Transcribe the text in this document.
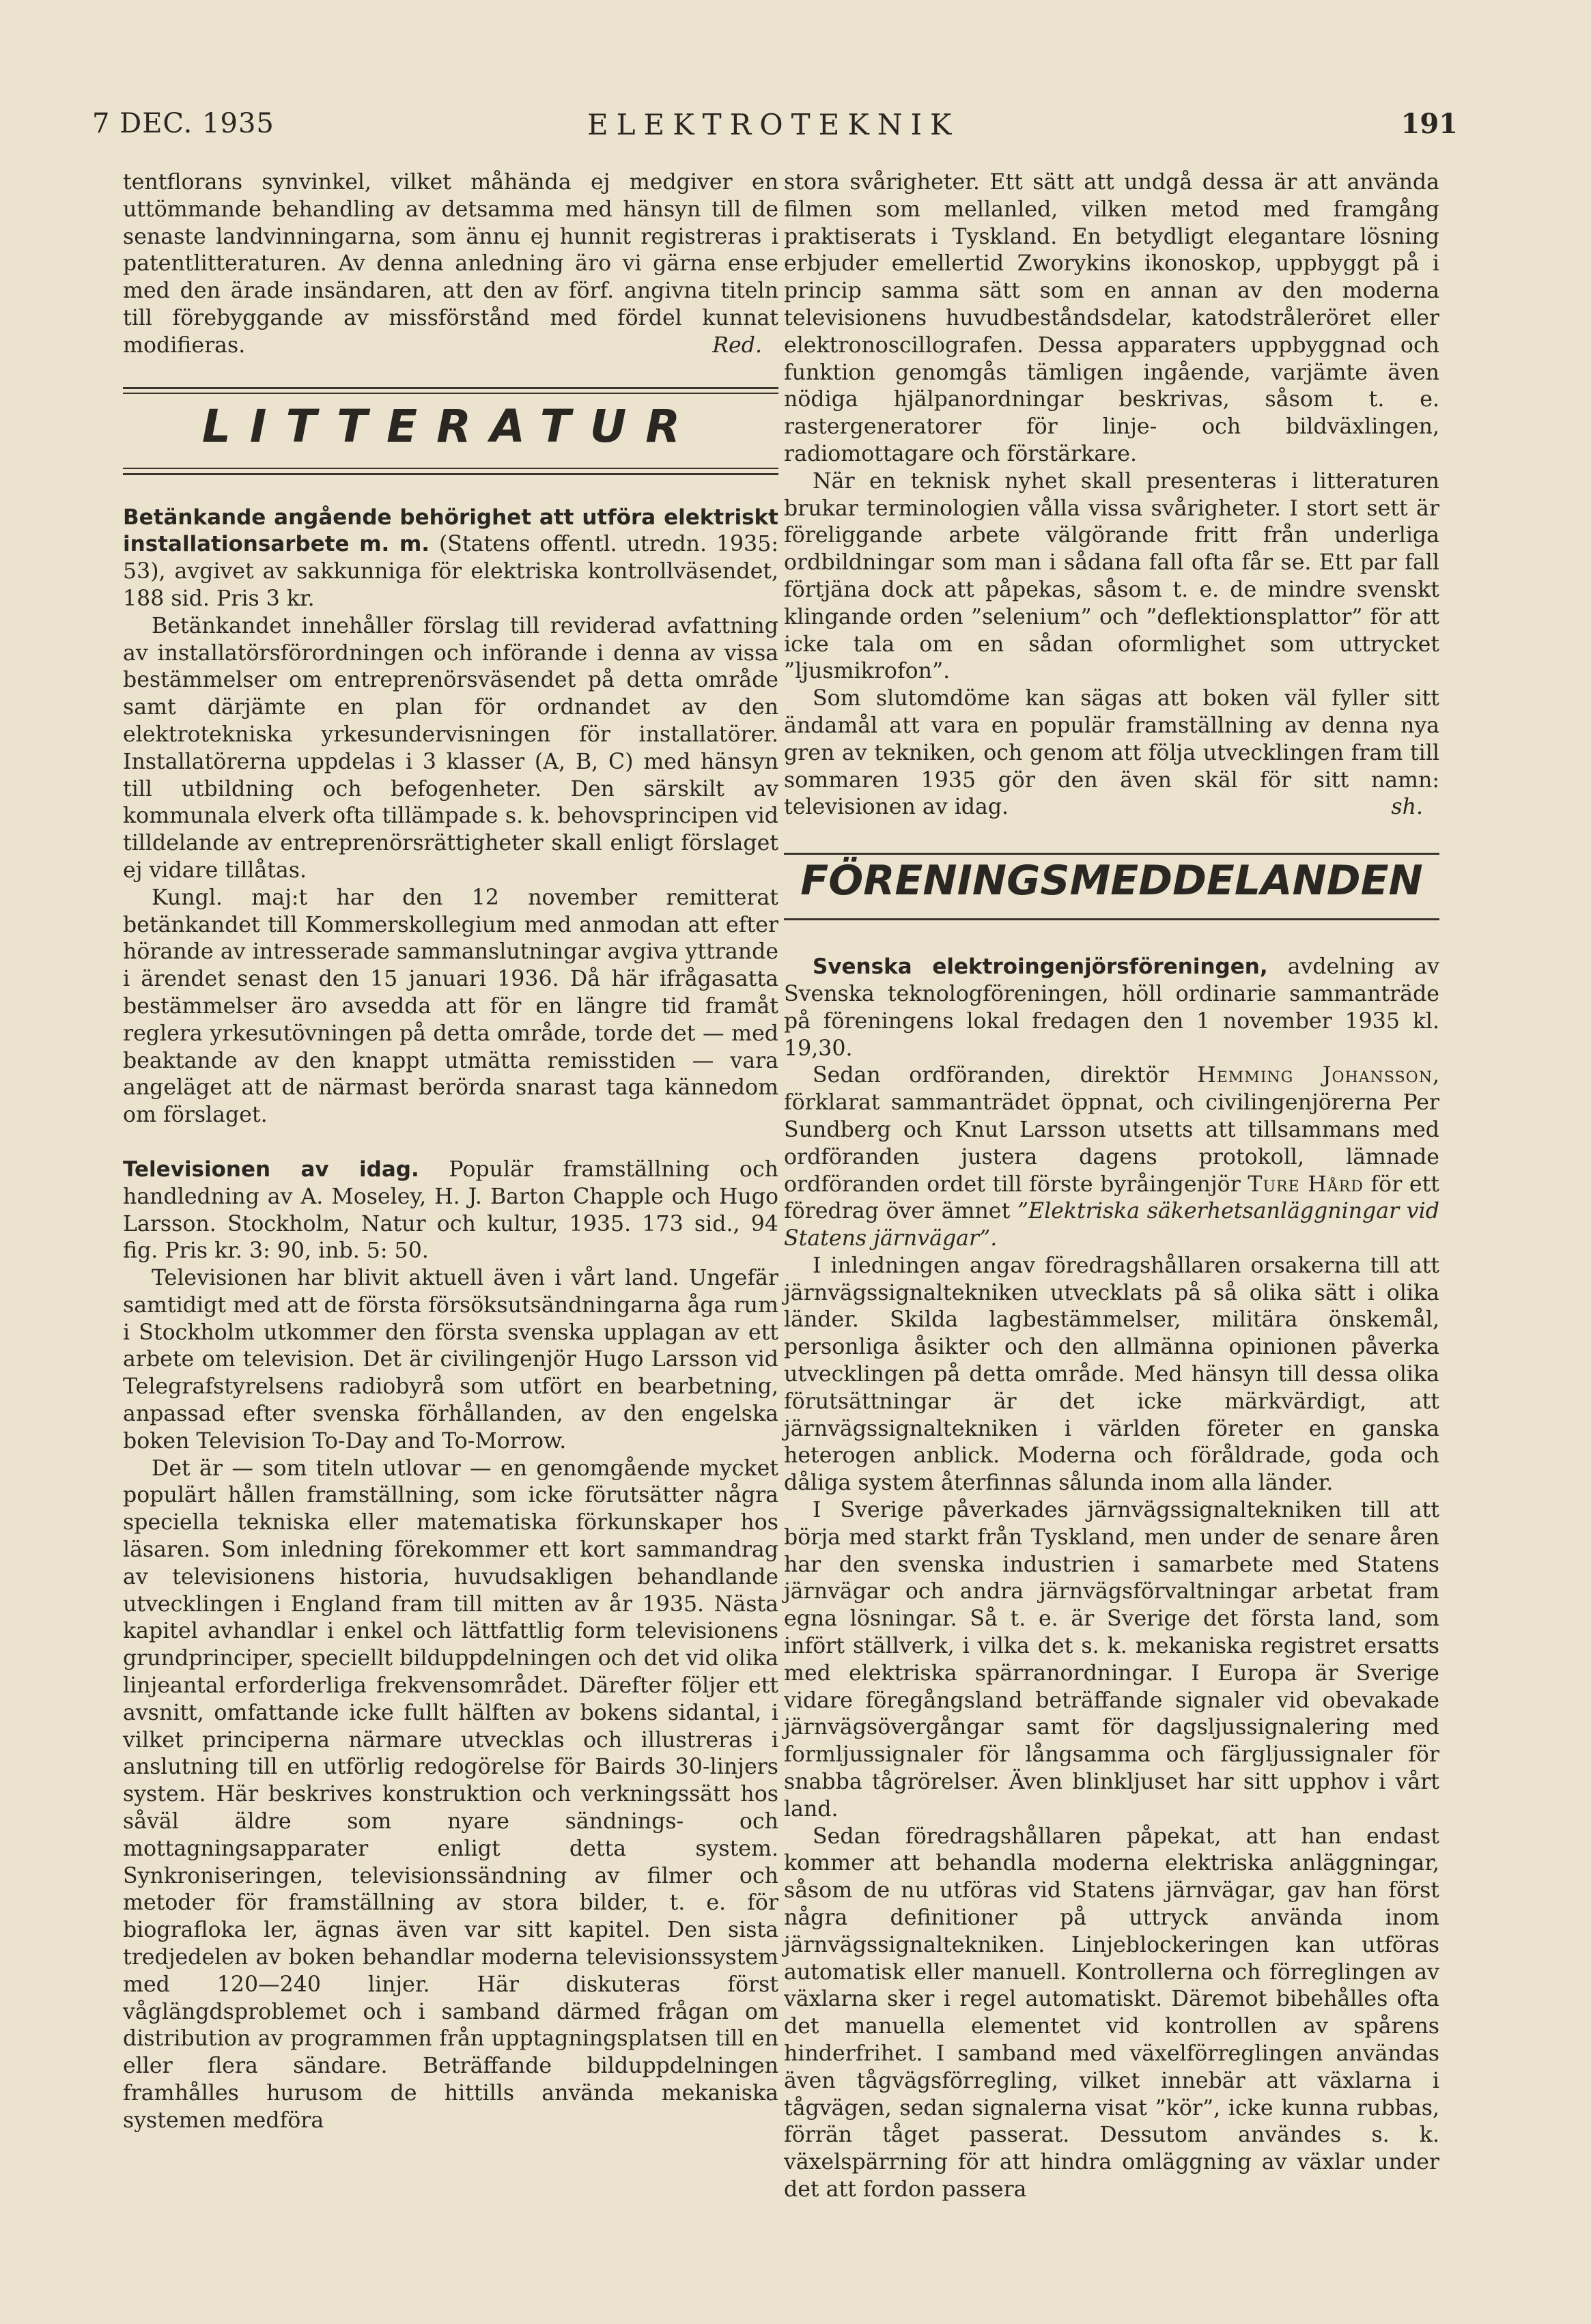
7 DEC. 1935	ELEKTROTEKNIK	191

tentflorans synvinkel, vilket måhända ej medgiver en uttömmande behandling av detsamma med hänsyn till de senaste landvinningarna, som ännu ej hunnit registreras i patentlitteraturen. Av denna anledning äro vi gärna ense med den ärade insändaren, att den av förf. angivna titeln till förebyggande av missförstånd med fördel kunnat modifieras.	Red.

LITTERATUR

Betänkande angående behörighet att utföra elektriskt installationsarbete m. m. (Statens offentl. utredn. 1935: 53), avgivet av sakkunniga för elektriska kontrollväsendet, 188 sid. Pris 3 kr.

Betänkandet innehåller förslag till reviderad avfattning av installatörsförordningen och införande i denna av vissa bestämmelser om entreprenörsväsendet på detta område samt därjämte en plan för ordnandet av den elektrotekniska yrkesundervisningen för installatörer. Installatörerna uppdelas i 3 klasser (A, B, C) med hänsyn till utbildning och befogenheter. Den särskilt av kommunala elverk ofta tillämpade s. k. behovsprincipen vid tilldelande av entreprenörsrättigheter skall enligt förslaget ej vidare tillåtas.

Kungl. maj:t har den 12 november remitterat betänkandet till Kommerskollegium med anmodan att efter hörande av intresserade sammanslutningar avgiva yttrande i ärendet senast den 15 januari 1936. Då här ifrågasatta bestämmelser äro avsedda att för en längre tid framåt reglera yrkesutövningen på detta område, torde det — med beaktande av den knappt utmätta remisstiden — vara angeläget att de närmast berörda snarast taga kännedom om förslaget.

Televisionen av idag. Populär framställning och handledning av A. Moseley, H. J. Barton Chapple och Hugo Larsson. Stockholm, Natur och kultur, 1935. 173 sid., 94 fig. Pris kr. 3: 90, inb. 5: 50.

Televisionen har blivit aktuell även i vårt land. Ungefär samtidigt med att de första försöksutsändningarna åga rum i Stockholm utkommer den första svenska upplagan av ett arbete om television. Det är civilingenjör Hugo Larsson vid Telegrafstyrelsens radiobyrå som utfört en bearbetning, anpassad efter svenska förhållanden, av den engelska boken Television To-Day and To-Morrow.

Det är — som titeln utlovar — en genomgående mycket populärt hållen framställning, som icke förutsätter några speciella tekniska eller matematiska förkunskaper hos läsaren. Som inledning förekommer ett kort sammandrag av televisionens historia, huvudsakligen behandlande utvecklingen i England fram till mitten av år 1935. Nästa kapitel avhandlar i enkel och lättfattlig form televisionens grundprinciper, speciellt bilduppdelningen och det vid olika linjeantal erforderliga frekvensområdet. Därefter följer ett avsnitt, omfattande icke fullt hälften av bokens sidantal, i vilket principerna närmare utvecklas och illustreras i anslutning till en utförlig redogörelse för Bairds 30-linjers system. Här beskrives konstruktion och verkningssätt hos såväl äldre som nyare sändnings- och mottagningsapparater enligt detta system. Synkroniseringen, televisionssändning av filmer och metoder för framställning av stora bilder, t. e. för biografloka ler, ägnas även var sitt kapitel. Den sista tredjedelen av boken behandlar moderna televisionssystem med 120—240 linjer. Här diskuteras först våglängdsproblemet och i samband därmed frågan om distribution av programmen från upptagningsplatsen till en eller flera sändare. Beträffande bilduppdelningen framhålles hurusom de hittills använda mekaniska systemen medföra

stora svårigheter. Ett sätt att undgå dessa är att använda filmen som mellanled, vilken metod med framgång praktiserats i Tyskland. En betydligt elegantare lösning erbjuder emellertid Zworykins ikonoskop, uppbyggt på i princip samma sätt som en annan av den moderna televisionens huvudbeståndsdelar, katodstråleröret eller elektronoscillografen. Dessa apparaters uppbyggnad och funktion genomgås tämligen ingående, varjämte även nödiga hjälpanordningar beskrivas, såsom t. e. rastergeneratorer för linje- och bildväxlingen, radiomottagare och förstärkare.

När en teknisk nyhet skall presenteras i litteraturen brukar terminologien vålla vissa svårigheter. I stort sett är föreliggande arbete välgörande fritt från underliga ordbildningar som man i sådana fall ofta får se. Ett par fall förtjäna dock att påpekas, såsom t. e. de mindre svenskt klingande orden ”selenium” och ”deflektionsplattor” för att icke tala om en sådan oformlighet som uttrycket ”ljusmikrofon”.

Som slutomdöme kan sägas att boken väl fyller sitt ändamål att vara en populär framställning av denna nya gren av tekniken, och genom att följa utvecklingen fram till sommaren 1935 gör den även skäl för sitt namn: televisionen av idag.	sh.

FÖRENINGSMEDDELANDEN

Svenska elektroingenjörsföreningen, avdelning av Svenska teknologföreningen, höll ordinarie sammanträde på föreningens lokal fredagen den 1 november 1935 kl. 19,30.

Sedan ordföranden, direktör Hemming Johansson, förklarat sammanträdet öppnat, och civilingenjörerna Per Sundberg och Knut Larsson utsetts att tillsammans med ordföranden justera dagens protokoll, lämnade ordföranden ordet till förste byråingenjör Ture Hård för ett föredrag över ämnet ”Elektriska säkerhetsanläggningar vid Statens järnvägar”.

I inledningen angav föredragshållaren orsakerna till att järnvägssignaltekniken utvecklats på så olika sätt i olika länder. Skilda lagbestämmelser, militära önskemål, personliga åsikter och den allmänna opinionen påverka utvecklingen på detta område. Med hänsyn till dessa olika förutsättningar är det icke märkvärdigt, att järnvägssignaltekniken i världen företer en ganska heterogen anblick. Moderna och föråldrade, goda och dåliga system återfinnas sålunda inom alla länder.

I Sverige påverkades järnvägssignaltekniken till att börja med starkt från Tyskland, men under de senare åren har den svenska industrien i samarbete med Statens järnvägar och andra järnvägsförvaltningar arbetat fram egna lösningar. Så t. e. är Sverige det första land, som infört ställverk, i vilka det s. k. mekaniska registret ersatts med elektriska spärranordningar. I Europa är Sverige vidare föregångsland beträffande signaler vid obevakade järnvägsövergångar samt för dagsljussignalering med formljussignaler för långsamma och färgljussignaler för snabba tågrörelser. Även blinkljuset har sitt upphov i vårt land.

Sedan föredragshållaren påpekat, att han endast kommer att behandla moderna elektriska anläggningar, såsom de nu utföras vid Statens järnvägar, gav han först några definitioner på uttryck använda inom järnvägssignaltekniken. Linjeblockeringen kan utföras automatisk eller manuell. Kontrollerna och förreglingen av växlarna sker i regel automatiskt. Däremot bibehålles ofta det manuella elementet vid kontrollen av spårens hinderfrihet. I samband med växelförreglingen användas även tågvägsförregling, vilket innebär att växlarna i tågvägen, sedan signalerna visat ”kör”, icke kunna rubbas, förrän tåget passerat. Dessutom användes s. k. växelspärrning för att hindra omläggning av växlar under det att fordon passera
